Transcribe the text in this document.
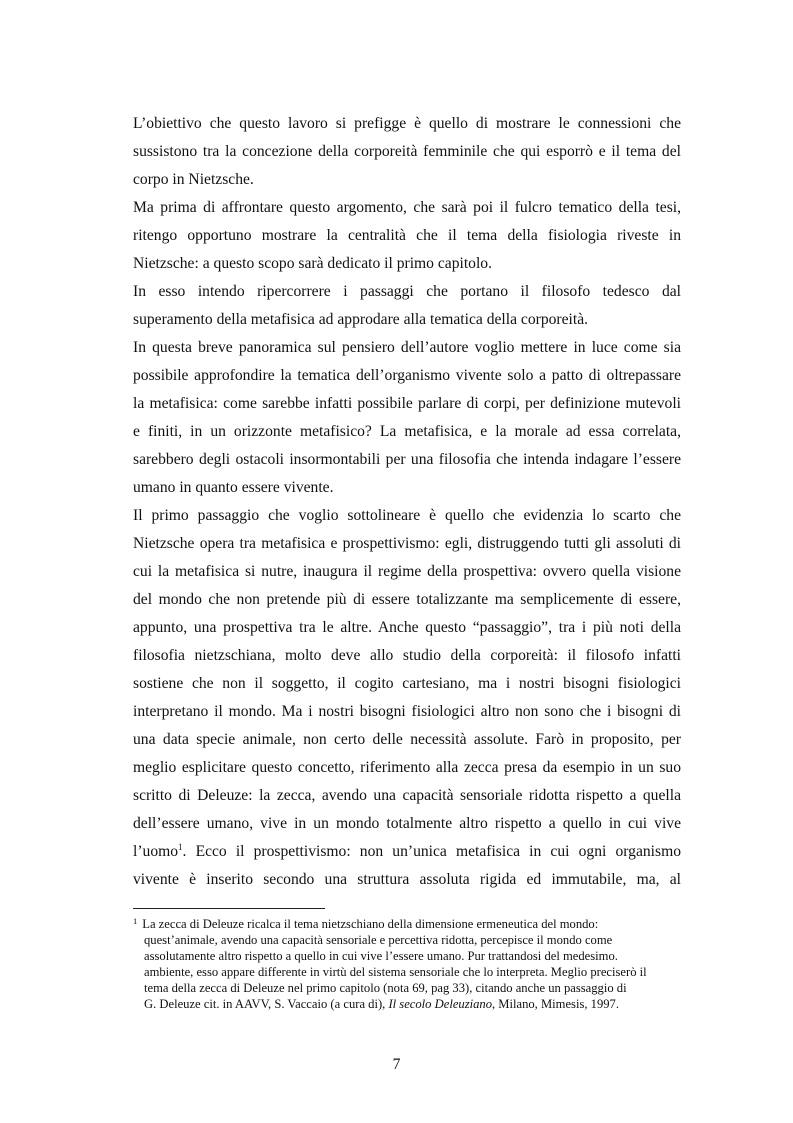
L’obiettivo che questo lavoro si prefigge è quello di mostrare le connessioni che
sussistono tra la concezione della corporeità femminile che qui esporrò e il tema del
corpo in Nietzsche.
Ma prima di affrontare questo argomento, che sarà poi il fulcro tematico della tesi,
ritengo opportuno mostrare la centralità che il tema della fisiologia riveste in
Nietzsche: a questo scopo sarà dedicato il primo capitolo.
In esso intendo ripercorrere i passaggi che portano il filosofo tedesco dal
superamento della metafisica ad approdare alla tematica della corporeità.
In questa breve panoramica sul pensiero dell’autore voglio mettere in luce come sia
possibile approfondire la tematica dell’organismo vivente solo a patto di oltrepassare
la metafisica: come sarebbe infatti possibile parlare di corpi, per definizione mutevoli
e finiti, in un orizzonte metafisico? La metafisica, e la morale ad essa correlata,
sarebbero degli ostacoli insormontabili per una filosofia che intenda indagare l’essere
umano in quanto essere vivente.
Il primo passaggio che voglio sottolineare è quello che evidenzia lo scarto che
Nietzsche opera tra metafisica e prospettivismo: egli, distruggendo tutti gli assoluti di
cui la metafisica si nutre, inaugura il regime della prospettiva: ovvero quella visione
del mondo che non pretende più di essere totalizzante ma semplicemente di essere,
appunto, una prospettiva tra le altre. Anche questo “passaggio”, tra i più noti della
filosofia nietzschiana, molto deve allo studio della corporeità: il filosofo infatti
sostiene che non il soggetto, il cogito cartesiano, ma i nostri bisogni fisiologici
interpretano il mondo. Ma i nostri bisogni fisiologici altro non sono che i bisogni di
una data specie animale, non certo delle necessità assolute. Farò in proposito, per
meglio esplicitare questo concetto, riferimento alla zecca presa da esempio in un suo
scritto di Deleuze: la zecca, avendo una capacità sensoriale ridotta rispetto a quella
dell’essere umano, vive in un mondo totalmente altro rispetto a quello in cui vive
l’uomo$^1$. Ecco il prospettivismo: non un’unica metafisica in cui ogni organismo
vivente è inserito secondo una struttura assoluta rigida ed immutabile, ma, al
$^1$ La zecca di Deleuze ricalca il tema nietzschiano della dimensione ermeneutica del mondo:
quest’animale, avendo una capacità sensoriale e percettiva ridotta, percepisce il mondo come
assolutamente altro rispetto a quello in cui vive l’essere umano. Pur trattandosi del medesimo.
ambiente, esso appare differente in virtù del sistema sensoriale che lo interpreta. Meglio preciserò il
tema della zecca di Deleuze nel primo capitolo (nota 69, pag 33), citando anche un passaggio di
G. Deleuze cit. in AAVV, S. Vaccaio (a cura di), Il secolo Deleuziano, Milano, Mimesis, 1997.
7
